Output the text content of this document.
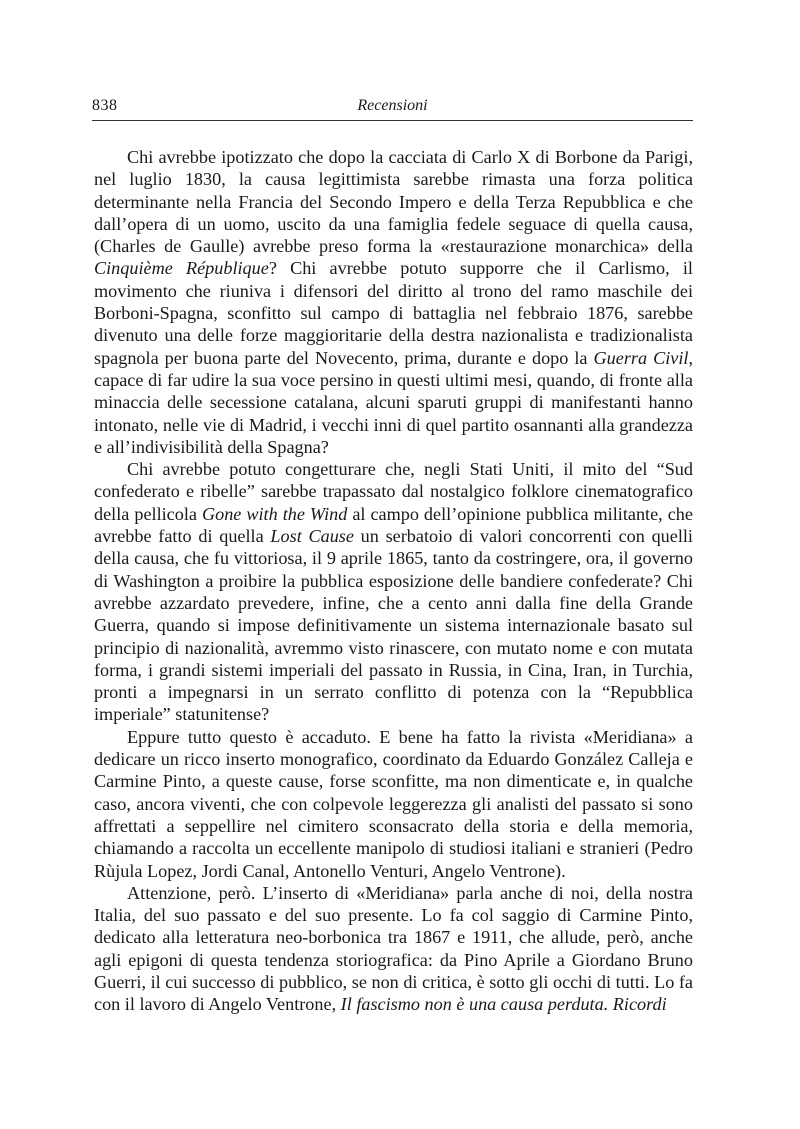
838	Recensioni

Chi avrebbe ipotizzato che dopo la cacciata di Carlo X di Borbone da Parigi, nel luglio 1830, la causa legittimista sarebbe rimasta una forza politica determinante nella Francia del Secondo Impero e della Terza Repubblica e che dall’opera di un uomo, uscito da una famiglia fedele seguace di quella causa, (Charles de Gaulle) avrebbe preso forma la «restaurazione monarchica» della Cinquième République? Chi avrebbe potuto supporre che il Carlismo, il movimento che riuniva i difensori del diritto al trono del ramo maschile dei Borboni-Spagna, sconfitto sul campo di battaglia nel febbraio 1876, sarebbe divenuto una delle forze maggioritarie della destra nazionalista e tradizionalista spagnola per buona parte del Novecento, prima, durante e dopo la Guerra Civil, capace di far udire la sua voce persino in questi ultimi mesi, quando, di fronte alla minaccia delle secessione catalana, alcuni sparuti gruppi di manifestanti hanno intonato, nelle vie di Madrid, i vecchi inni di quel partito osannanti alla grandezza e all’indivisibilità della Spagna?

Chi avrebbe potuto congetturare che, negli Stati Uniti, il mito del “Sud confederato e ribelle” sarebbe trapassato dal nostalgico folklore cinematografico della pellicola Gone with the Wind al campo dell’opinione pubblica militante, che avrebbe fatto di quella Lost Cause un serbatoio di valori concorrenti con quelli della causa, che fu vittoriosa, il 9 aprile 1865, tanto da costringere, ora, il governo di Washington a proibire la pubblica esposizione delle bandiere confederate? Chi avrebbe azzardato prevedere, infine, che a cento anni dalla fine della Grande Guerra, quando si impose definitivamente un sistema internazionale basato sul principio di nazionalità, avremmo visto rinascere, con mutato nome e con mutata forma, i grandi sistemi imperiali del passato in Russia, in Cina, Iran, in Turchia, pronti a impegnarsi in un serrato conflitto di potenza con la “Repubblica imperiale” statunitense?

Eppure tutto questo è accaduto. E bene ha fatto la rivista «Meridiana» a dedicare un ricco inserto monografico, coordinato da Eduardo González Calleja e Carmine Pinto, a queste cause, forse sconfitte, ma non dimenticate e, in qualche caso, ancora viventi, che con colpevole leggerezza gli analisti del passato si sono affrettati a seppellire nel cimitero sconsacrato della storia e della memoria, chiamando a raccolta un eccellente manipolo di studiosi italiani e stranieri (Pedro Rùjula Lopez, Jordi Canal, Antonello Venturi, Angelo Ventrone).

Attenzione, però. L’inserto di «Meridiana» parla anche di noi, della nostra Italia, del suo passato e del suo presente. Lo fa col saggio di Carmine Pinto, dedicato alla letteratura neo-borbonica tra 1867 e 1911, che allude, però, anche agli epigoni di questa tendenza storiografica: da Pino Aprile a Giordano Bruno Guerri, il cui successo di pubblico, se non di critica, è sotto gli occhi di tutti. Lo fa con il lavoro di Angelo Ventrone, Il fascismo non è una causa perduta. Ricordi
